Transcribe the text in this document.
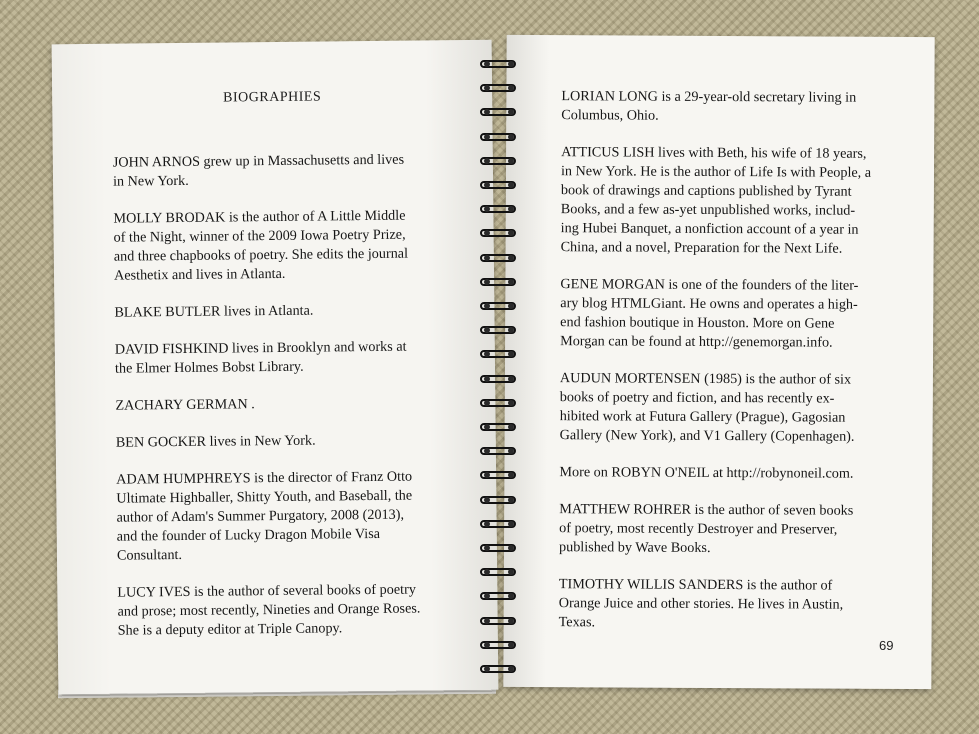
BIOGRAPHIES

JOHN ARNOS grew up in Massachusetts and lives
in New York.

MOLLY BRODAK is the author of A Little Middle
of the Night, winner of the 2009 Iowa Poetry Prize,
and three chapbooks of poetry. She edits the journal
Aesthetix and lives in Atlanta.

BLAKE BUTLER lives in Atlanta.

DAVID FISHKIND lives in Brooklyn and works at
the Elmer Holmes Bobst Library.

ZACHARY GERMAN .

BEN GOCKER lives in New York.

ADAM HUMPHREYS is the director of Franz Otto
Ultimate Highballer, Shitty Youth, and Baseball, the
author of Adam's Summer Purgatory, 2008 (2013),
and the founder of Lucky Dragon Mobile Visa
Consultant.

LUCY IVES is the author of several books of poetry
and prose; most recently, Nineties and Orange Roses.
She is a deputy editor at Triple Canopy.

LORIAN LONG is a 29-year-old secretary living in
Columbus, Ohio.

ATTICUS LISH lives with Beth, his wife of 18 years,
in New York. He is the author of Life Is with People, a
book of drawings and captions published by Tyrant
Books, and a few as-yet unpublished works, includ-
ing Hubei Banquet, a nonfiction account of a year in
China, and a novel, Preparation for the Next Life.

GENE MORGAN is one of the founders of the liter-
ary blog HTMLGiant. He owns and operates a high-
end fashion boutique in Houston. More on Gene
Morgan can be found at http://genemorgan.info.

AUDUN MORTENSEN (1985) is the author of six
books of poetry and fiction, and has recently ex-
hibited work at Futura Gallery (Prague), Gagosian
Gallery (New York), and V1 Gallery (Copenhagen).

More on ROBYN O'NEIL at http://robynoneil.com.

MATTHEW ROHRER is the author of seven books
of poetry, most recently Destroyer and Preserver,
published by Wave Books.

TIMOTHY WILLIS SANDERS is the author of
Orange Juice and other stories. He lives in Austin,
Texas.

69
